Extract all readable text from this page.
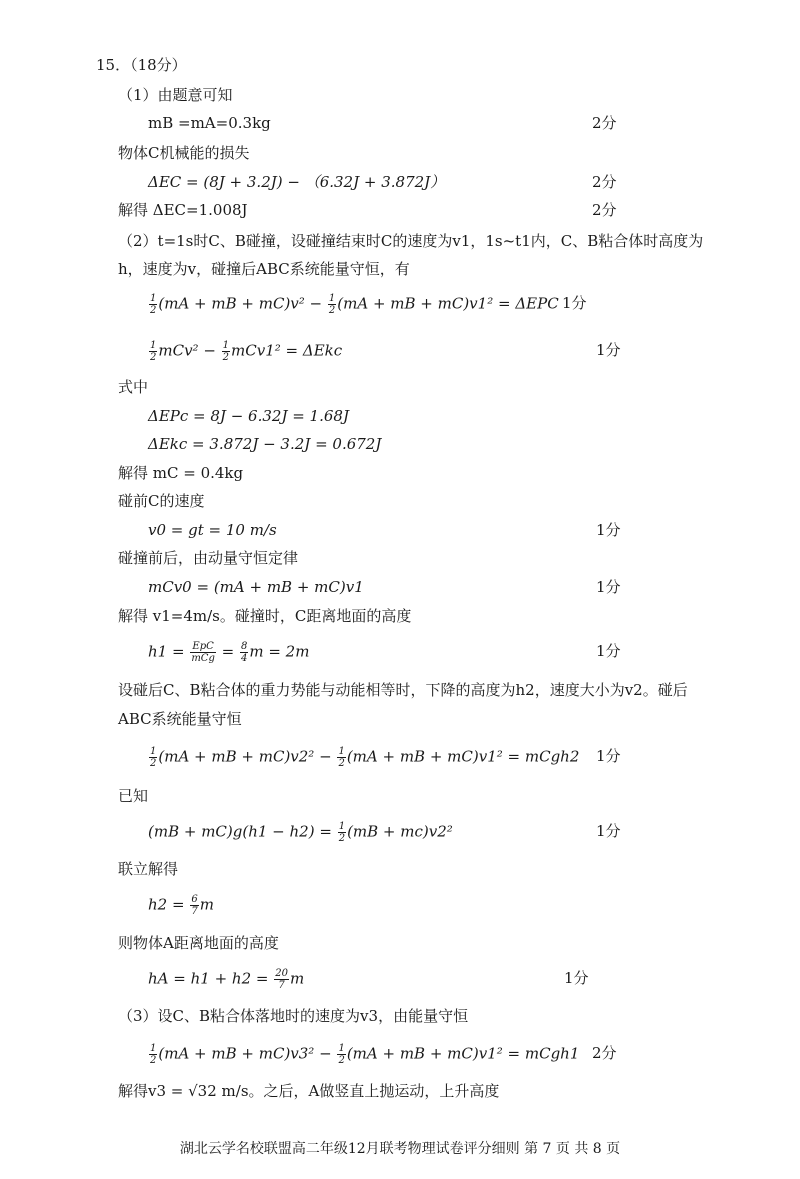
15．（18分）
（1）由题意可知
mB =mA=0.3kg	2分
物体C机械能的损失
ΔEC = (8J + 3.2J) − （6.32J + 3.872J）	2分
解得 ΔEC=1.008J	2分
（2）t=1s时C、B碰撞，设碰撞结束时C的速度为v1，1s~t1内，C、B粘合体时高度为
h，速度为v，碰撞后ABC系统能量守恒，有
$\frac{1}{2} (mA$ + mB + $mC)v^2 - \frac{1}{2} (mA$ + mB + mC)v1² = ΔEPC 1分
$\frac{1}{2} mCv^2 - \frac{1}{2} mCv1^2 = \Delta Ekc$	1分
式中
ΔEPc = 8J − 6.32J = 1.68J
ΔEkc = 3.872J − 3.2J = 0.672J
解得 mC = 0.4kg
碰前C的速度
v0 = gt = 10 m/s	1分
碰撞前后，由动量守恒定律
mCv0 = (mA + mB + mC)v1	1分
解得 v1=4m/s。碰撞时，C距离地面的高度
$h1 = \frac{\text{EpC}}{\text{mCg}} = \frac{8}{4}$ m = 2m	1分
设碰后C、B粘合体的重力势能与动能相等时，下降的高度为h2，速度大小为v2。碰后
ABC系统能量守恒
$\frac{1}{2} (mA$ + mB + $mC)v2^2 - \frac{1}{2} (mA$ + mB + mC)v1² = mCgh2 1分
已知
$(mB + mC)g(h1 - h2) = \frac{1}{2} (mB + mc)v2^2$	1分
联立解得
$h2 = \frac{6}{7}$ m
则物体A距离地面的高度
hA = $h1 + h2 = \frac{20}{7}$ m	1分
（3）设C、B粘合体落地时的速度为v3，由能量守恒
$\frac{1}{2} (mA$ + mB + $mC)v3^2 - \frac{1}{2} (mA$ + mB + mC)v1² = mCgh1 2分
解得v3 = √32 m/s。之后，A做竖直上抛运动，上升高度
湖北云学名校联盟高二年级12月联考物理试卷评分细则 第 7 页 共 8 页
